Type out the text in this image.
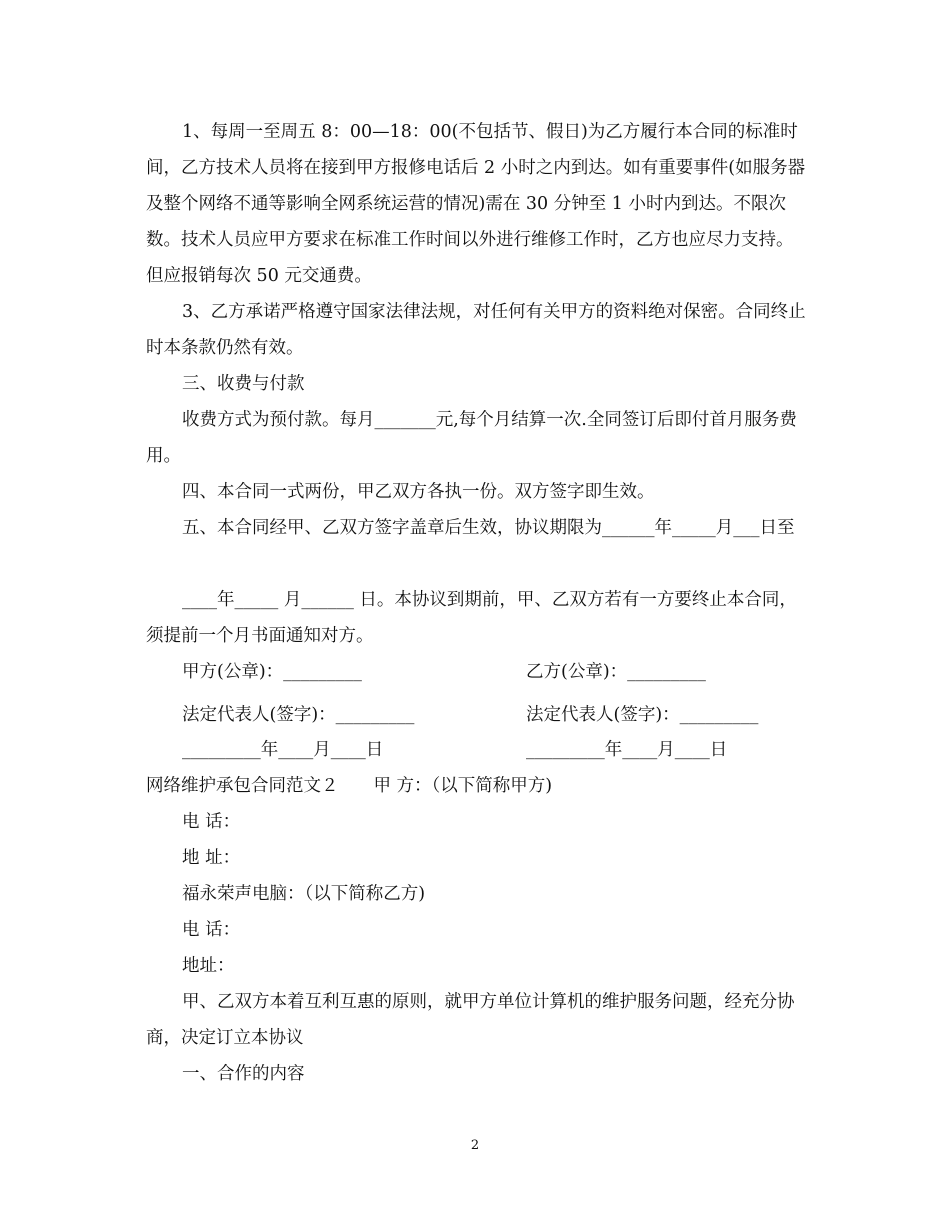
1、每周一至周五 8：00—18：00(不包括节、假日)为乙方履行本合同的标准时间，乙方技术人员将在接到甲方报修电话后 2 小时之内到达。如有重要事件(如服务器及整个网络不通等影响全网系统运营的情况)需在 30 分钟至 1 小时内到达。不限次数。技术人员应甲方要求在标准工作时间以外进行维修工作时，乙方也应尽力支持。但应报销每次 50 元交通费。

3、乙方承诺严格遵守国家法律法规，对任何有关甲方的资料绝对保密。合同终止时本条款仍然有效。

三、收费与付款

收费方式为预付款。每月_______元,每个月结算一次.全同签订后即付首月服务费用。

四、本合同一式两份，甲乙双方各执一份。双方签字即生效。

五、本合同经甲、乙双方签字盖章后生效，协议期限为______年_____月___日至

____年_____ 月______ 日。本协议到期前，甲、乙双方若有一方要终止本合同， 须提前一个月书面通知对方。

甲方(公章)：_________	乙方(公章)：_________
法定代表人(签字)：_________	法定代表人(签字)：_________
_________年____月____日	_________年____月____日
网络维护承包合同范文２　　甲 方：（以下简称甲方)
电 话：
地 址：
福永荣声电脑：（以下简称乙方)
电 话：
地址：

甲、乙双方本着互利互惠的原则，就甲方单位计算机的维护服务问题，经充分协商，决定订立本协议

一、合作的内容
2
